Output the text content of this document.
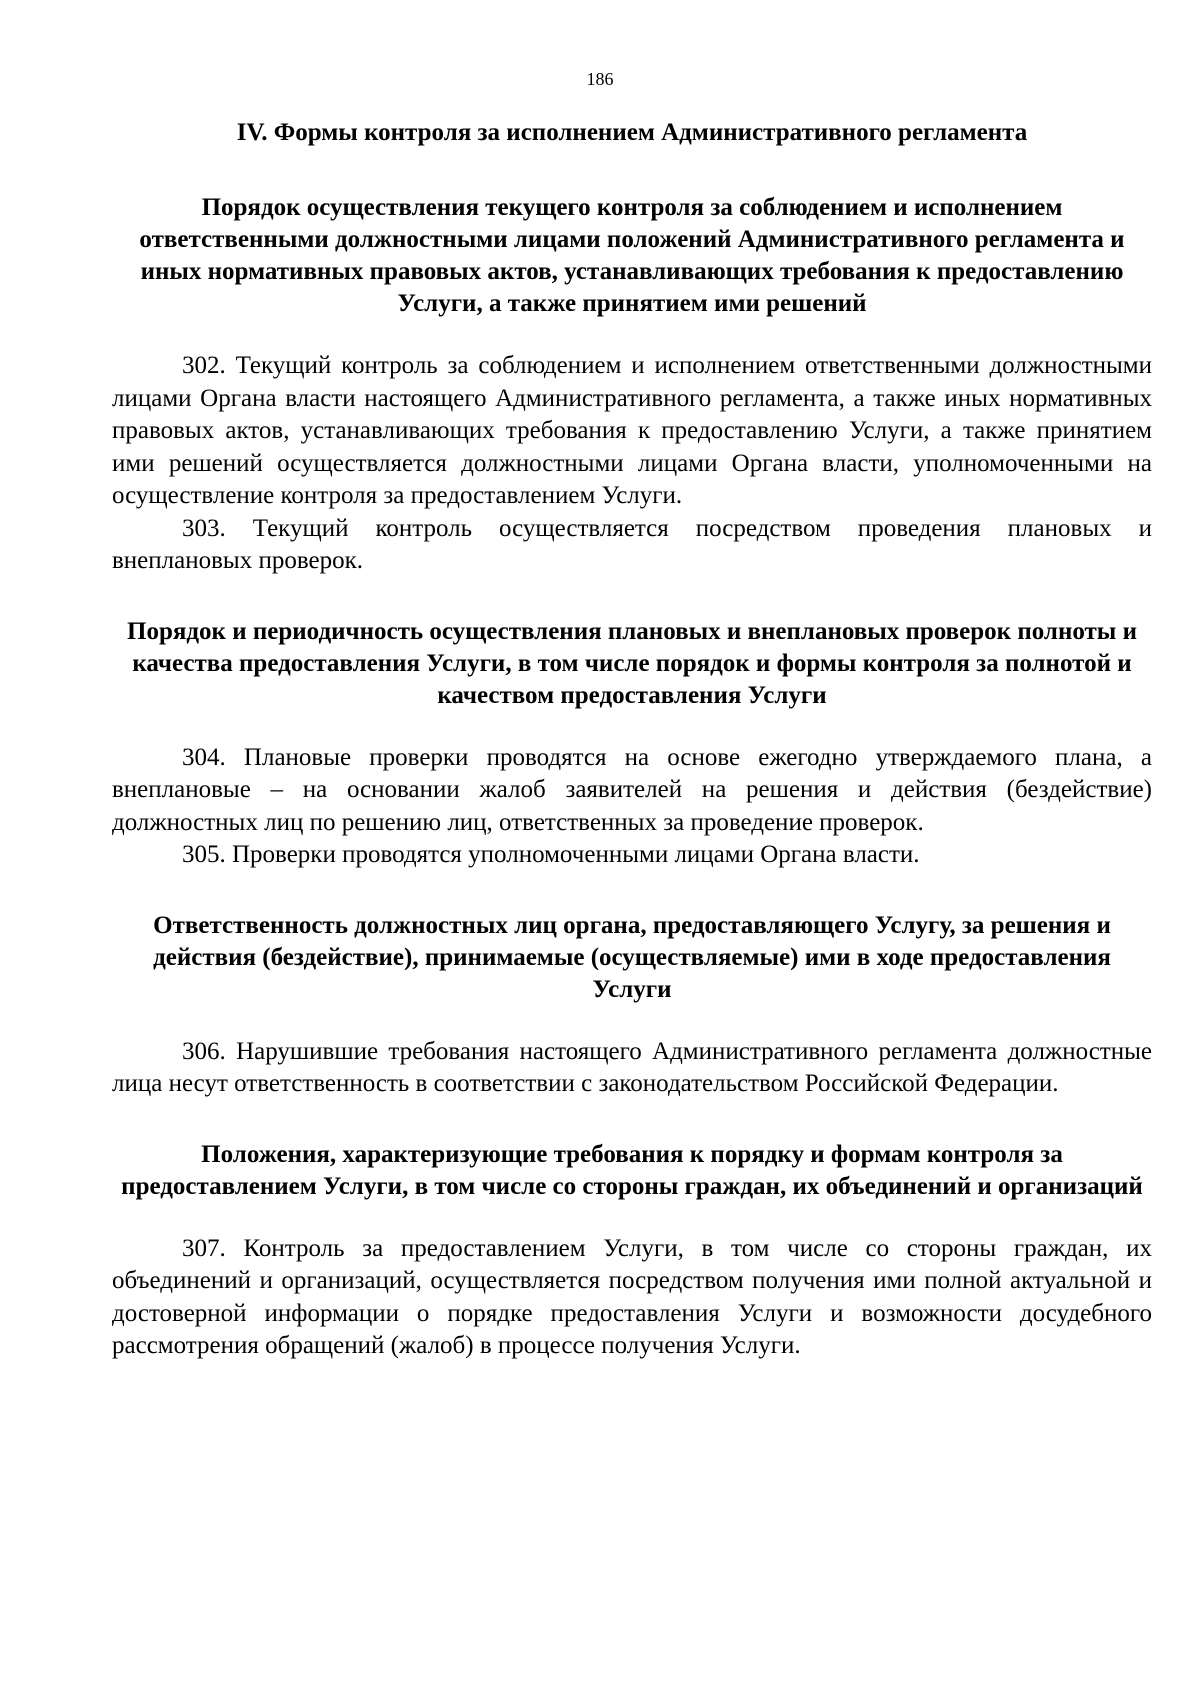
186
IV. Формы контроля за исполнением Административного регламента
Порядок осуществления текущего контроля за соблюдением и исполнением ответственными должностными лицами положений Административного регламента и иных нормативных правовых актов, устанавливающих требования к предоставлению Услуги, а также принятием ими решений

302. Текущий контроль за соблюдением и исполнением ответственными должностными лицами Органа власти настоящего Административного регламента, а также иных нормативных правовых актов, устанавливающих требования к предоставлению Услуги, а также принятием ими решений осуществляется должностными лицами Органа власти, уполномоченными на осуществление контроля за предоставлением Услуги.

303. Текущий контроль осуществляется посредством проведения плановых и внеплановых проверок.

Порядок и периодичность осуществления плановых и внеплановых проверок полноты и качества предоставления Услуги, в том числе порядок и формы контроля за полнотой и качеством предоставления Услуги

304. Плановые проверки проводятся на основе ежегодно утверждаемого плана, а внеплановые – на основании жалоб заявителей на решения и действия (бездействие) должностных лиц по решению лиц, ответственных за проведение проверок.

305. Проверки проводятся уполномоченными лицами Органа власти.

Ответственность должностных лиц органа, предоставляющего Услугу, за решения и действия (бездействие), принимаемые (осуществляемые) ими в ходе предоставления Услуги

306. Нарушившие требования настоящего Административного регламента должностные лица несут ответственность в соответствии с законодательством Российской Федерации.

Положения, характеризующие требования к порядку и формам контроля за предоставлением Услуги, в том числе со стороны граждан, их объединений и организаций

307. Контроль за предоставлением Услуги, в том числе со стороны граждан, их объединений и организаций, осуществляется посредством получения ими полной актуальной и достоверной информации о порядке предоставления Услуги и возможности досудебного рассмотрения обращений (жалоб) в процессе получения Услуги.
